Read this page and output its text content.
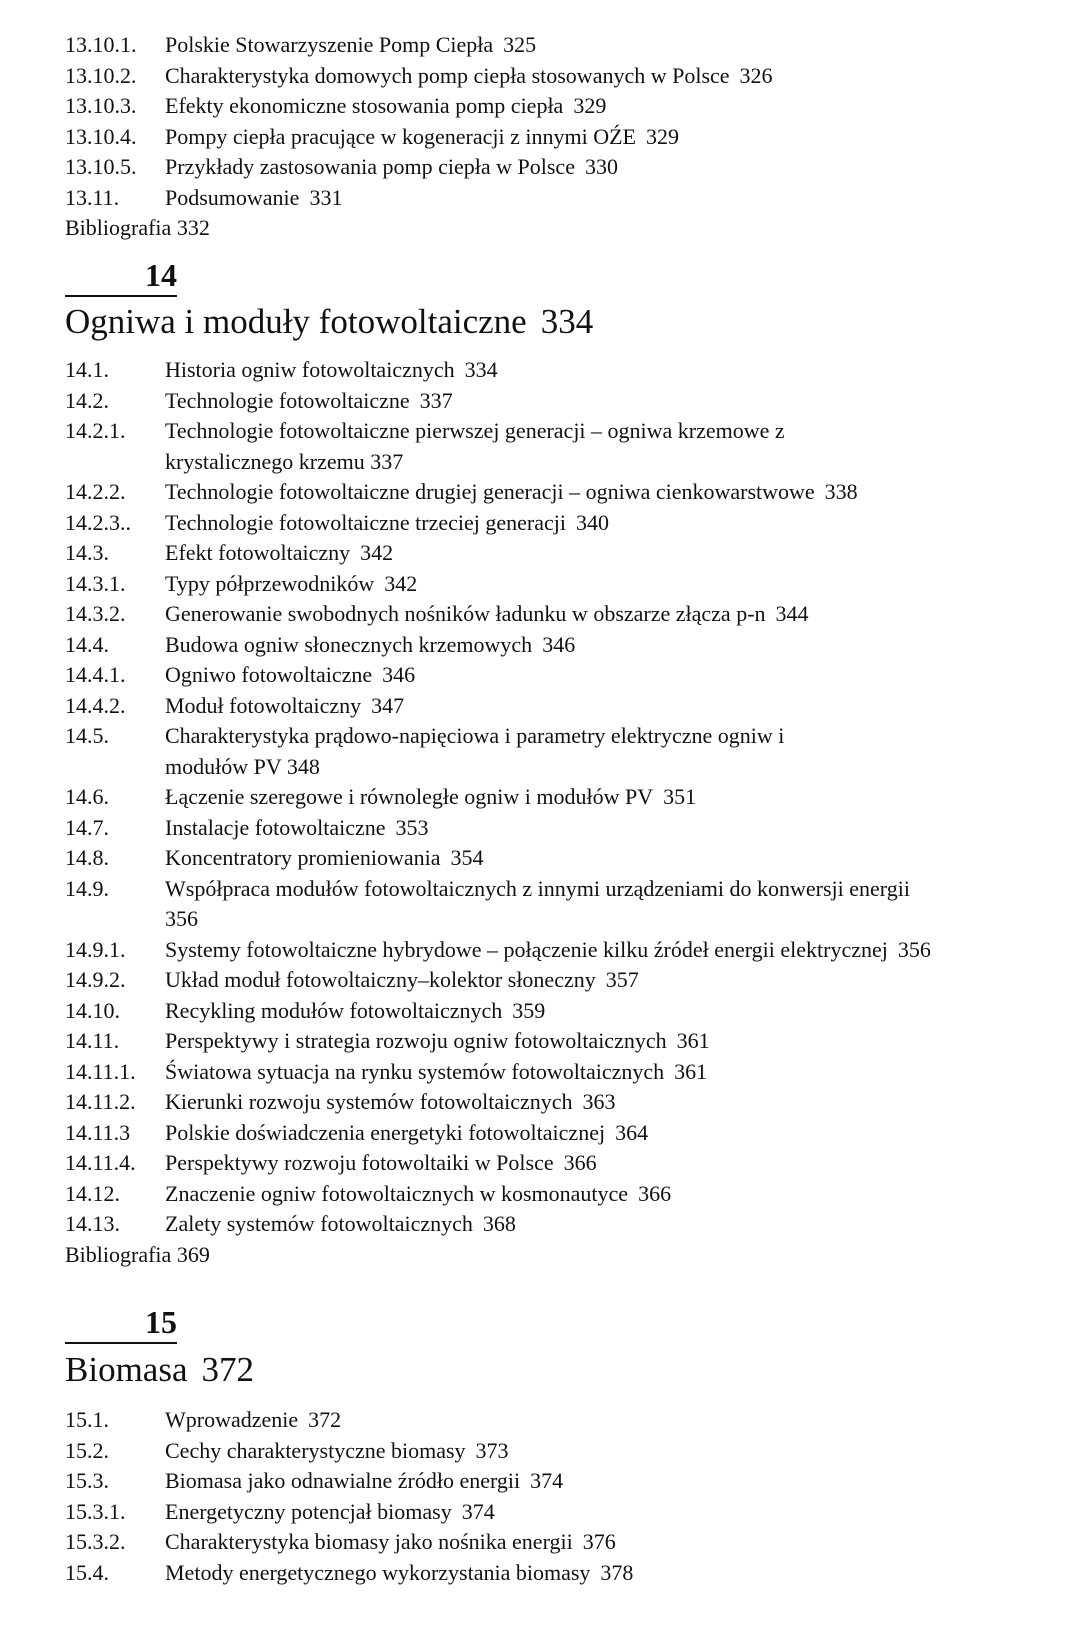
13.10.1.	Polskie Stowarzyszenie Pomp Ciepła 325
13.10.2.	Charakterystyka domowych pomp ciepła stosowanych w Polsce 326
13.10.3.	Efekty ekonomiczne stosowania pomp ciepła 329
13.10.4.	Pompy ciepła pracujące w kogeneracji z innymi OŹE 329
13.10.5.	Przykłady zastosowania pomp ciepła w Polsce 330
13.11.	Podsumowanie 331
Bibliografia 332
14
Ogniwa i moduły fotowoltaiczne 334
14.1.	Historia ogniw fotowoltaicznych 334
14.2.	Technologie fotowoltaiczne 337
14.2.1.	Technologie fotowoltaiczne pierwszej generacji – ogniwa krzemowe z krystalicznego krzemu 337
14.2.2.	Technologie fotowoltaiczne drugiej generacji – ogniwa cienkowarstwowe 338
14.2.3..	Technologie fotowoltaiczne trzeciej generacji 340
14.3.	Efekt fotowoltaiczny 342
14.3.1.	Typy półprzewodników 342
14.3.2.	Generowanie swobodnych nośników ładunku w obszarze złącza p-n 344
14.4.	Budowa ogniw słonecznych krzemowych 346
14.4.1.	Ogniwo fotowoltaiczne 346
14.4.2.	Moduł fotowoltaiczny 347
14.5.	Charakterystyka prądowo-napięciowa i parametry elektryczne ogniw i modułów PV 348
14.6.	Łączenie szeregowe i równoległe ogniw i modułów PV 351
14.7.	Instalacje fotowoltaiczne 353
14.8.	Koncentratory promieniowania 354
14.9.	Współpraca modułów fotowoltaicznych z innymi urządzeniami do konwersji energii 356
14.9.1.	Systemy fotowoltaiczne hybrydowe – połączenie kilku źródeł energii elektrycznej 356
14.9.2.	Układ moduł fotowoltaiczny–kolektor słoneczny 357
14.10.	Recykling modułów fotowoltaicznych 359
14.11.	Perspektywy i strategia rozwoju ogniw fotowoltaicznych 361
14.11.1.	Światowa sytuacja na rynku systemów fotowoltaicznych 361
14.11.2.	Kierunki rozwoju systemów fotowoltaicznych 363
14.11.3	Polskie doświadczenia energetyki fotowoltaicznej 364
14.11.4.	Perspektywy rozwoju fotowoltaiki w Polsce 366
14.12.	Znaczenie ogniw fotowoltaicznych w kosmonautyce 366
14.13.	Zalety systemów fotowoltaicznych 368
Bibliografia 369
15
Biomasa 372
15.1.	Wprowadzenie 372
15.2.	Cechy charakterystyczne biomasy 373
15.3.	Biomasa jako odnawialne źródło energii 374
15.3.1.	Energetyczny potencjał biomasy 374
15.3.2.	Charakterystyka biomasy jako nośnika energii 376
15.4.	Metody energetycznego wykorzystania biomasy 378
